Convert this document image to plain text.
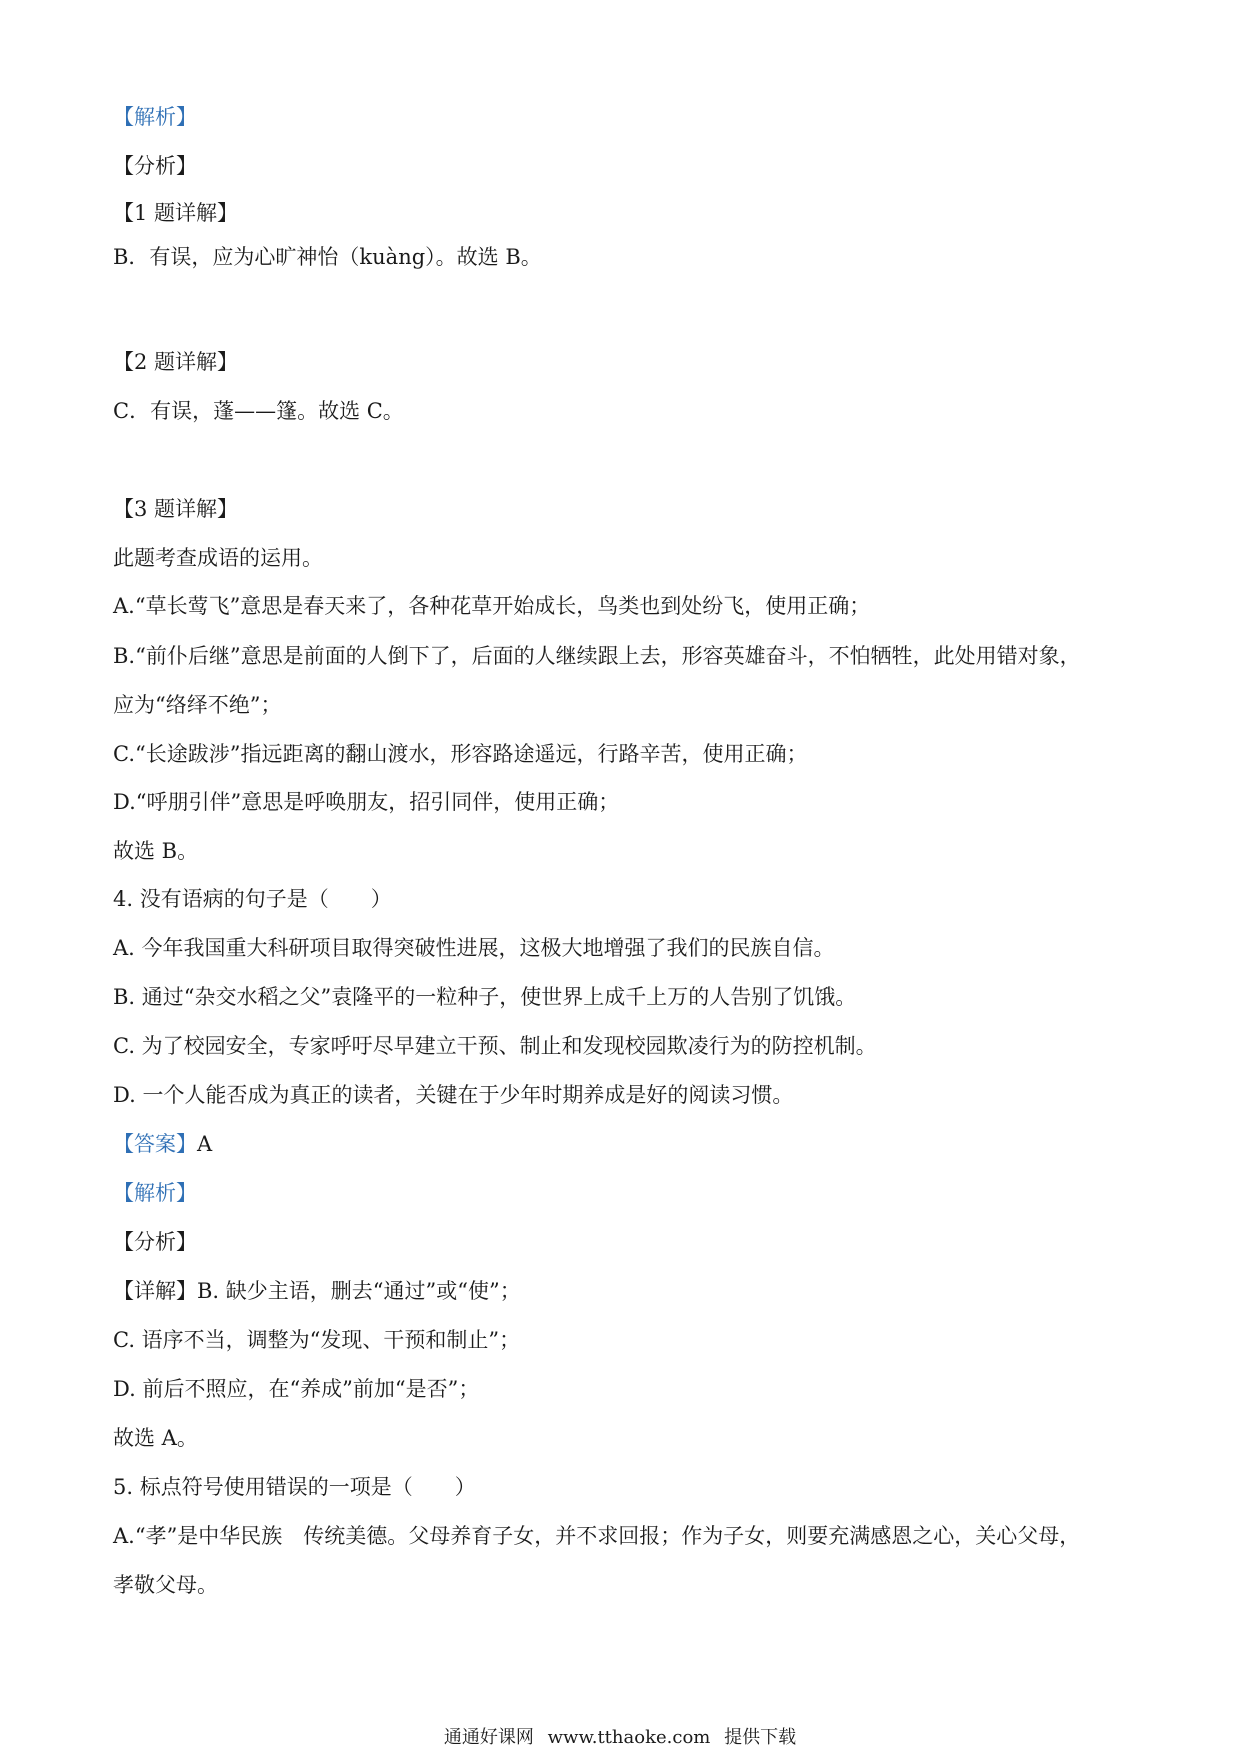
【解析】
【分析】
【1 题详解】
B．有误，应为心旷神怡（kuàng）。故选 B。
【2 题详解】
C．有误，蓬——篷。故选 C。
【3 题详解】
此题考查成语的运用。
A.“草长莺飞”意思是春天来了，各种花草开始成长，鸟类也到处纷飞，使用正确；
B.“前仆后继”意思是前面的人倒下了，后面的人继续跟上去，形容英雄奋斗，不怕牺牲，此处用错对象，
应为“络绎不绝”；
C.“长途跋涉”指远距离的翻山渡水，形容路途遥远，行路辛苦，使用正确；
D.“呼朋引伴”意思是呼唤朋友，招引同伴，使用正确；
故选 B。
4. 没有语病的句子是（　　）
A. 今年我国重大科研项目取得突破性进展，这极大地增强了我们的民族自信。
B. 通过“杂交水稻之父”袁隆平的一粒种子，使世界上成千上万的人告别了饥饿。
C. 为了校园安全，专家呼吁尽早建立干预、制止和发现校园欺凌行为的防控机制。
D. 一个人能否成为真正的读者，关键在于少年时期养成是好的阅读习惯。
【答案】A
【解析】
【分析】
【详解】B. 缺少主语，删去“通过”或“使”；
C. 语序不当，调整为“发现、干预和制止”；
D. 前后不照应，在“养成”前加“是否”；
故选 A。
5. 标点符号使用错误的一项是（　　）
A.“孝”是中华民族　传统美德。父母养育子女，并不求回报；作为子女，则要充满感恩之心，关心父母，
孝敬父母。
通通好课网 www.tthaoke.com 提供下载
